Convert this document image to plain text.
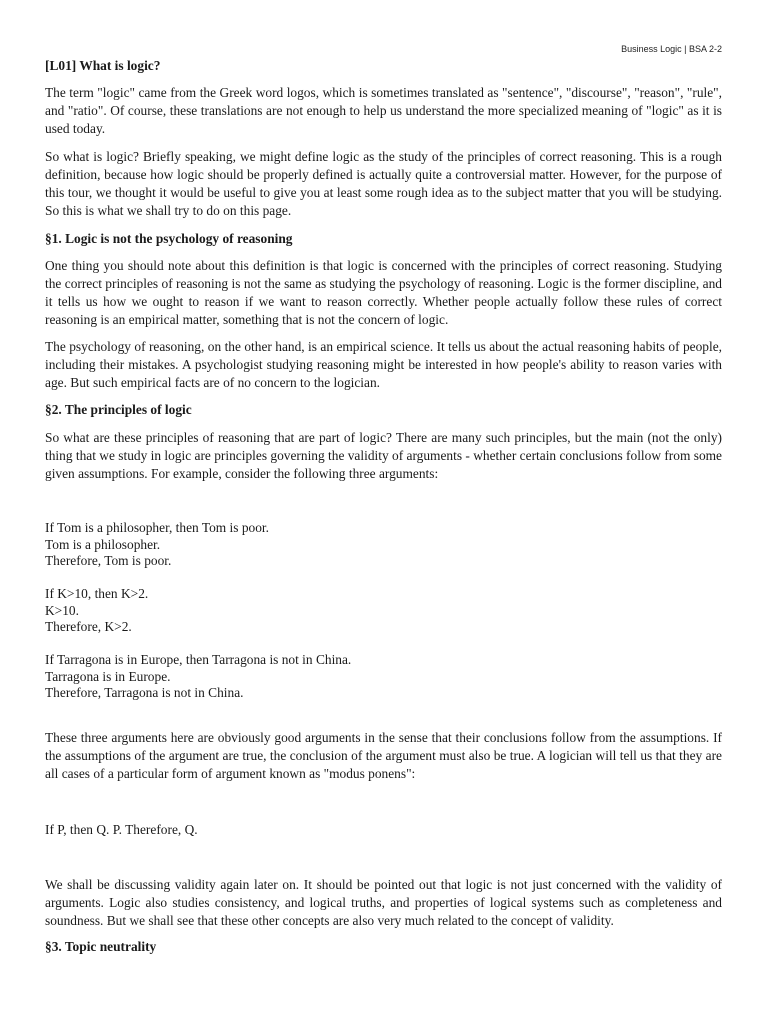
Business Logic | BSA 2-2
[L01] What is logic?

The term "logic" came from the Greek word logos, which is sometimes translated as "sentence", "discourse", "reason", "rule", and "ratio". Of course, these translations are not enough to help us understand the more specialized meaning of "logic" as it is used today.

So what is logic? Briefly speaking, we might define logic as the study of the principles of correct reasoning. This is a rough definition, because how logic should be properly defined is actually quite a controversial matter. However, for the purpose of this tour, we thought it would be useful to give you at least some rough idea as to the subject matter that you will be studying. So this is what we shall try to do on this page.

§1. Logic is not the psychology of reasoning

One thing you should note about this definition is that logic is concerned with the principles of correct reasoning. Studying the correct principles of reasoning is not the same as studying the psychology of reasoning. Logic is the former discipline, and it tells us how we ought to reason if we want to reason correctly. Whether people actually follow these rules of correct reasoning is an empirical matter, something that is not the concern of logic.

The psychology of reasoning, on the other hand, is an empirical science. It tells us about the actual reasoning habits of people, including their mistakes. A psychologist studying reasoning might be interested in how people's ability to reason varies with age. But such empirical facts are of no concern to the logician.

§2. The principles of logic

So what are these principles of reasoning that are part of logic? There are many such principles, but the main (not the only) thing that we study in logic are principles governing the validity of arguments - whether certain conclusions follow from some given assumptions. For example, consider the following three arguments:

If Tom is a philosopher, then Tom is poor.
Tom is a philosopher.
Therefore, Tom is poor.
If K>10, then K>2.
K>10.
Therefore, K>2.
If Tarragona is in Europe, then Tarragona is not in China.
Tarragona is in Europe.
Therefore, Tarragona is not in China.

These three arguments here are obviously good arguments in the sense that their conclusions follow from the assumptions. If the assumptions of the argument are true, the conclusion of the argument must also be true. A logician will tell us that they are all cases of a particular form of argument known as "modus ponens":

If P, then Q. P. Therefore, Q.

We shall be discussing validity again later on. It should be pointed out that logic is not just concerned with the validity of arguments. Logic also studies consistency, and logical truths, and properties of logical systems such as completeness and soundness. But we shall see that these other concepts are also very much related to the concept of validity.

§3. Topic neutrality
